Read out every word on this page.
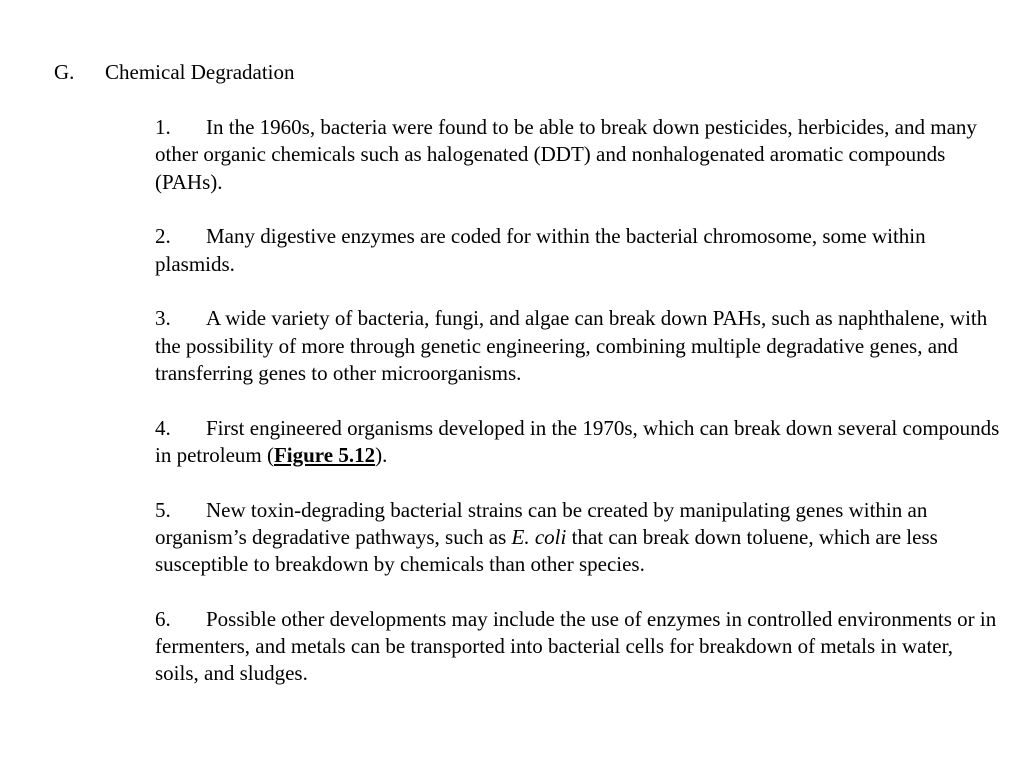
G. Chemical Degradation
1. In the 1960s, bacteria were found to be able to break down pesticides, herbicides, and many other organic chemicals such as halogenated (DDT) and nonhalogenated aromatic compounds (PAHs).
2. Many digestive enzymes are coded for within the bacterial chromosome, some within plasmids.
3. A wide variety of bacteria, fungi, and algae can break down PAHs, such as naphthalene, with the possibility of more through genetic engineering, combining multiple degradative genes, and transferring genes to other microorganisms.
4. First engineered organisms developed in the 1970s, which can break down several compounds in petroleum (Figure 5.12).
5. New toxin-degrading bacterial strains can be created by manipulating genes within an organism’s degradative pathways, such as E. coli that can break down toluene, which are less susceptible to breakdown by chemicals than other species.
6. Possible other developments may include the use of enzymes in controlled environments or in fermenters, and metals can be transported into bacterial cells for breakdown of metals in water, soils, and sludges.
